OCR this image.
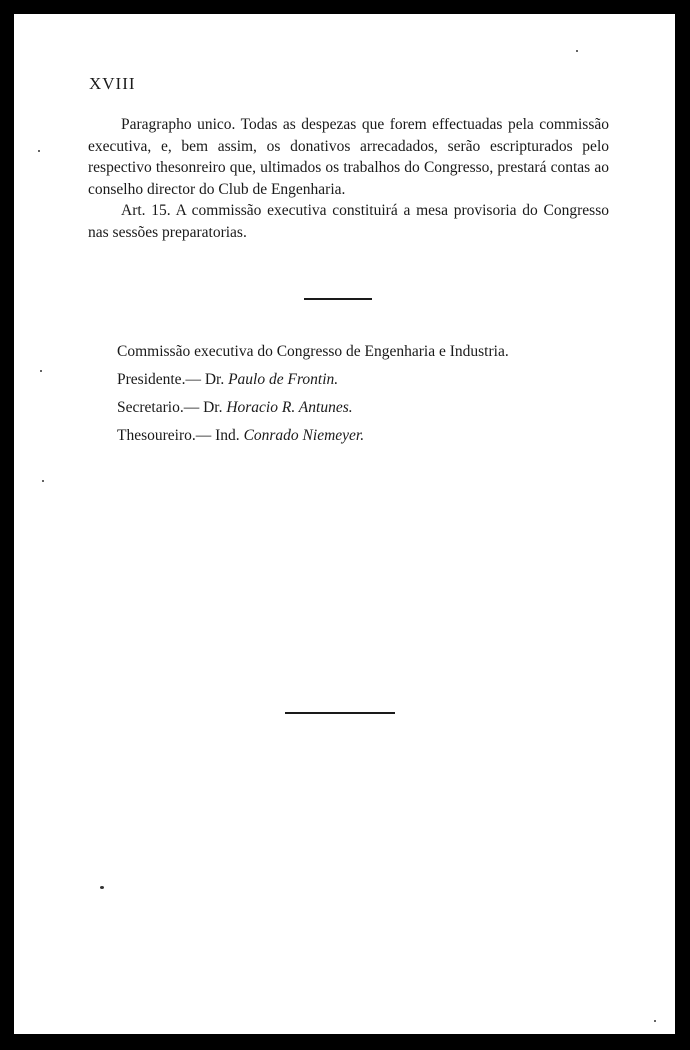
XVIII

Paragrapho unico. Todas as despezas que forem effectuadas pela commissão executiva, e, bem assim, os donativos arrecadados, serão escripturados pelo respectivo thesonreiro que, ultimados os trabalhos do Congresso, prestará contas ao conselho director do Club de Engenharia.

Art. 15. A commissão executiva constituirá a mesa provisoria do Congresso nas sessões preparatorias.

Commissão executiva do Congresso de Engenharia e Industria.
Presidente.— Dr. Paulo de Frontin.
Secretario.— Dr. Horacio R. Antunes.
Thesoureiro.— Ind. Conrado Niemeyer.
